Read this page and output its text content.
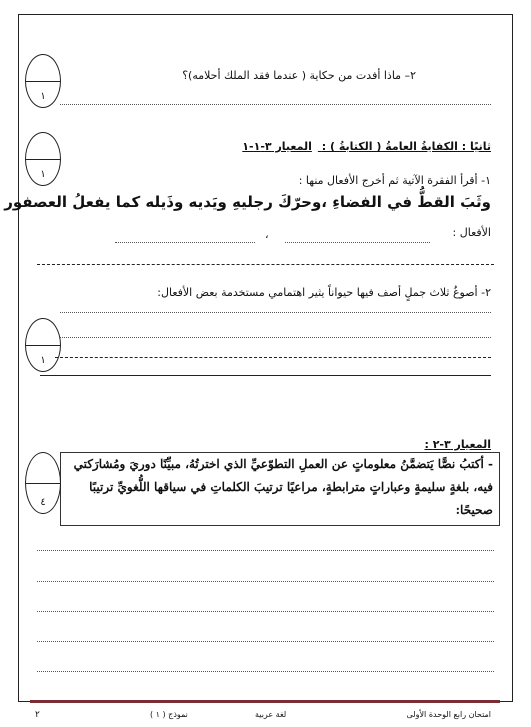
٢– ماذا أفدت من حكاية ( عندما فقد الملك أحلامه)؟
١
ثانيًا : الكفايةُ العامةُ ( الكتابةُ ) : المعيار ٣-١-١
١	١- أقرأ الفقرة الآتية ثم أخرج الأفعال منها :
وثَبَ القطُّ في الفضاءِ ،وحرّكَ رجليهِ ويَديه وذَيله كما يفعلُ العصفور
الأفعال :
،
٢- أصوغُ ثلاث جملٍ أصف فيها حيواناً يثير اهتمامي مستخدمة بعض الأفعال:
١
المعيار ٣-٢ :
- أكتبُ نصًّا يَتضمَّنُ معلوماتٍ عن العملِ التطوّعيِّ الذي اخترتُهُ، مبيِّنًا دوريَ ومُشارَكتي
فيه، بلغةٍ سليمةٍ وعباراتٍ مترابطةٍ، مراعيًا ترتيبَ الكلماتِ في سياقها اللُّغويِّ ترتيبًا
صحيحًا:
٤
امتحان رابع الوحدة الأولى
لغة عربية
نموذج ( ١ )
٢
